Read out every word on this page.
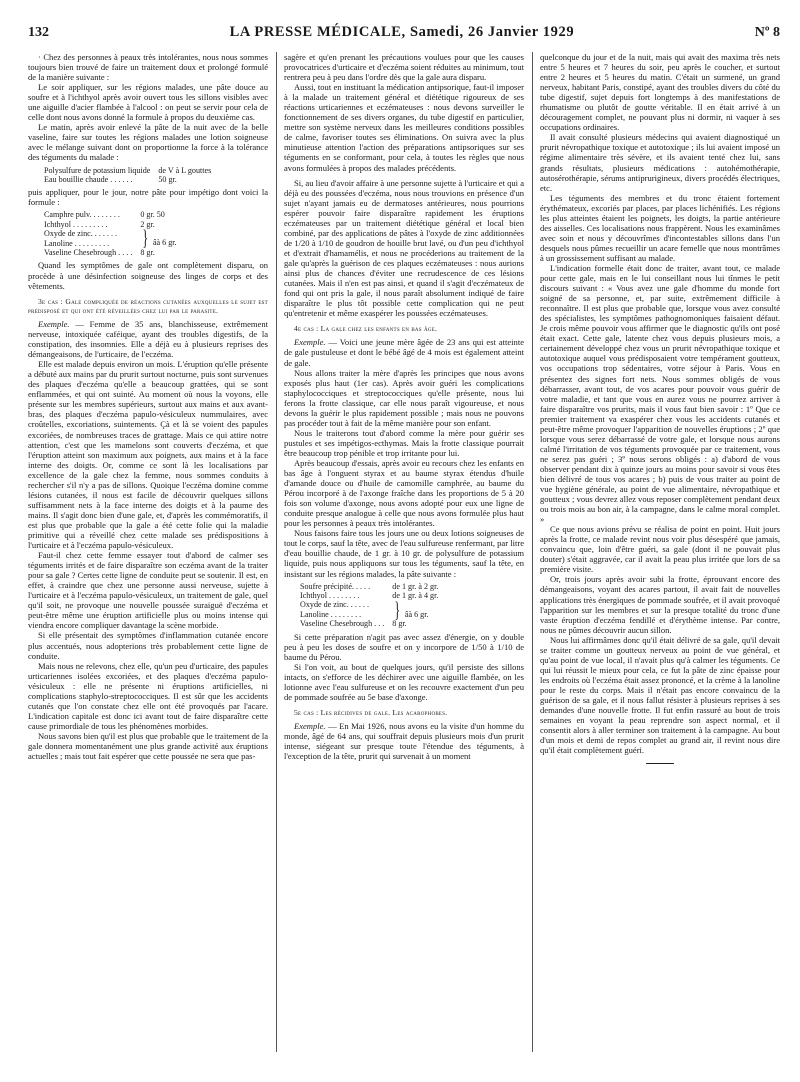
132	LA PRESSE MÉDICALE, Samedi, 26 Janvier 1929	Nº 8

· Chez des personnes à peaux très intolérantes, nous nous sommes toujours bien trouvé de faire un traitement doux et prolongé formulé de la manière suivante :

Le soir appliquer, sur les régions malades, une pâte douce au soufre et à l'ichthyol après avoir ouvert tous les sillons visibles avec une aiguille d'acier flambée à l'alcool : on peut se servir pour cela de celle dont nous avons donné la formule à propos du deuxième cas.

Le matin, après avoir enlevé la pâte de la nuit avec de la belle vaseline, faire sur toutes les régions malades une lotion soigneuse avec le mélange suivant dont on proportionne la force à la tolérance des téguments du malade :

Polysulfure de potassium liquide	de V à L gouttes
Eau bouillie chaude . . . . . .	50 gr.

puis appliquer, pour le jour, notre pâte pour impétigo dont voici la formule :

Camphre pulv. . . . . . . .	0 gr. 50
Ichthyol . . . . . . . . .	2 gr.
Oxyde de zinc. . . . . . .	} âà 6 gr.
Lanoline . . . . . . . . .	
Vaseline Chesebrough . . . .	8 gr.

Quand les symptômes de gale ont complètement disparu, on procède à une désinfection soigneuse des linges de corps et des vêtements.

3e cas : Gale compliquée de réactions cutanées auxquelles le sujet est prédisposé et qui ont été réveillées chez lui par le parasite.

Exemple. — Femme de 35 ans, blanchisseuse, extrêmement nerveuse, intoxiquée caféique, ayant des troubles digestifs, de la constipation, des insomnies. Elle a déjà eu à plusieurs reprises des démangeaisons, de l'urticaire, de l'eczéma.

Elle est malade depuis environ un mois. L'éruption qu'elle présente a débuté aux mains par du prurit surtout nocturne, puis sont survenues des plaques d'eczéma qu'elle a beaucoup grattées, qui se sont enflammées, et qui ont suinté. Au moment où nous la voyons, elle présente sur les membres supérieurs, surtout aux mains et aux avant-bras, des plaques d'eczéma papulo-vésiculeux nummulaires, avec croûtelles, excoriations, suintements. Çà et là se voient des papules excoriées, de nombreuses traces de grattage. Mais ce qui attire notre attention, c'est que les mamelons sont couverts d'eczéma, et que l'éruption atteint son maximum aux poignets, aux mains et à la face interne des doigts. Or, comme ce sont là les localisations par excellence de la gale chez la femme, nous sommes conduits à rechercher s'il n'y a pas de sillons. Quoique l'eczéma domine comme lésions cutanées, il nous est facile de découvrir quelques sillons suffisamment nets à la face interne des doigts et à la paume des mains. Il s'agit donc bien d'une gale, et, d'après les commémoratifs, il est plus que probable que la gale a été cette folie qui la maladie primitive qui a réveillé chez cette malade ses prédispositions à l'urticaire et à l'eczéma papulo-vésiculeux.

Faut-il chez cette femme essayer tout d'abord de calmer ses téguments irrités et de faire disparaître son eczéma avant de la traiter pour sa gale ? Certes cette ligne de conduite peut se soutenir. Il est, en effet, à craindre que chez une personne aussi nerveuse, sujette à l'urticaire et à l'eczéma papulo-vésiculeux, un traitement de gale, quel qu'il soit, ne provoque une nouvelle poussée suraiguë d'eczéma et peut-être même une éruption artificielle plus ou moins intense qui viendra encore compliquer davantage la scène morbide.

Si elle présentait des symptômes d'inflammation cutanée encore plus accentués, nous adopterions très probablement cette ligne de conduite.

Mais nous ne relevons, chez elle, qu'un peu d'urticaire, des papules urticariennes isolées excoriées, et des plaques d'eczéma papulo-vésiculeux : elle ne présente ni éruptions artificielles, ni complications staphylo-streptococciques. Il est sûr que les accidents cutanés que l'on constate chez elle ont été provoqués par l'acare. L'indication capitale est donc ici avant tout de faire disparaître cette cause primordiale de tous les phénomènes morbides.

Nous savons bien qu'il est plus que probable que le traitement de la gale donnera momentanément une plus grande activité aux éruptions actuelles ; mais tout fait espérer que cette poussée ne sera que pas-

sagère et qu'en prenant les précautions voulues pour que les causes provocatrices d'urticaire et d'eczéma soient réduites au minimum, tout rentrera peu à peu dans l'ordre dès que la gale aura disparu.

Aussi, tout en instituant la médication antipsorique, faut-il imposer à la malade un traitement général et diététique rigoureux de ses réactions urticariennes et eczémateuses : nous devons surveiller le fonctionnement de ses divers organes, du tube digestif en particulier, mettre son système nerveux dans les meilleures conditions possibles de calme, favoriser toutes ses éliminations. On suivra avec la plus minutieuse attention l'action des préparations antipsoriques sur ses téguments en se conformant, pour cela, à toutes les règles que nous avons formulées à propos des malades précédents.

Si, au lieu d'avoir affaire à une personne sujette à l'urticaire et qui a déjà eu des poussées d'eczéma, nous nous trouvions en présence d'un sujet n'ayant jamais eu de dermatoses antérieures, nous pourrions espérer pouvoir faire disparaître rapidement les éruptions eczémateuses par un traitement diététique général et local bien combiné, par des applications de pâtes à l'oxyde de zinc additionnées de 1/20 à 1/10 de goudron de houille brut lavé, ou d'un peu d'ichthyol et d'extrait d'hamamélis, et nous ne procéderions au traitement de la gale qu'après la guérison de ces plaques eczémateuses : nous aurions ainsi plus de chances d'éviter une recrudescence de ces lésions cutanées. Mais il n'en est pas ainsi, et quand il s'agit d'eczémateux de fond qui ont pris la gale, il nous paraît absolument indiqué de faire disparaître le plus tôt possible cette complication qui ne peut qu'entretenir et même exaspérer les poussées eczémateuses.

4e cas : La gale chez les enfants en bas âge.

Exemple. — Voici une jeune mère âgée de 23 ans qui est atteinte de gale pustuleuse et dont le bébé âgé de 4 mois est également atteint de gale.

Nous allons traiter la mère d'après les principes que nous avons exposés plus haut (1er cas). Après avoir guéri les complications staphylococciques et streptococciques qu'elle présente, nous lui ferons la frotte classique, car elle nous paraît vigoureuse, et nous devons la guérir le plus rapidement possible ; mais nous ne pouvons pas procéder tout à fait de la même manière pour son enfant.

Nous le traiterons tout d'abord comme la mère pour guérir ses pustules et ses impétigos-ecthymas. Mais la frotte classique pourrait être beaucoup trop pénible et trop irritante pour lui.

Après beaucoup d'essais, après avoir eu recours chez les enfants en bas âge à l'onguent styrax et au baume styrax étendus d'huile d'amande douce ou d'huile de camomille camphrée, au baume du Pérou incorporé à de l'axonge fraîche dans les proportions de 5 à 20 fois son volume d'axonge, nous avons adopté pour eux une ligne de conduite presque analogue à celle que nous avons formulée plus haut pour les personnes à peaux très intolérantes.

Nous faisons faire tous les jours une ou deux lotions soigneuses de tout le corps, sauf la tête, avec de l'eau sulfureuse renfermant, par litre d'eau bouillie chaude, de 1 gr. à 10 gr. de polysulfure de potassium liquide, puis nous appliquons sur tous les téguments, sauf la tête, en insistant sur les régions malades, la pâte suivante :

Soufre précipité. . . . .	de 1 gr. à 2 gr.
Ichthyol . . . . . . . .	de 1 gr. à 4 gr.
Oxyde de zinc. . . . . .	} âà 6 gr.
Lanoline . . . . . . . .	
Vaseline Chesebrough . . .	8 gr.

Si cette préparation n'agit pas avec assez d'énergie, on y double peu à peu les doses de soufre et on y incorpore de 1/50 à 1/10 de baume du Pérou.

Si l'on voit, au bout de quelques jours, qu'il persiste des sillons intacts, on s'efforce de les déchirer avec une aiguille flambée, on les lotionne avec l'eau sulfureuse et on les recouvre exactement d'un peu de pommade soufrée au 5e base d'axonge.

5e cas : Les récidives de gale. Les acarophobes.

Exemple. — En Mai 1926, nous avons eu la visite d'un homme du monde, âgé de 64 ans, qui souffrait depuis plusieurs mois d'un prurit intense, siégeant sur presque toute l'étendue des téguments, à l'exception de la tête, prurit qui survenait à un moment

quelconque du jour et de la nuit, mais qui avait des maxima très nets entre 5 heures et 7 heures du soir, peu après le coucher, et surtout entre 2 heures et 5 heures du matin. C'était un surmené, un grand nerveux, habitant Paris, constipé, ayant des troubles divers du côté du tube digestif, sujet depuis fort longtemps à des manifestations de rhumatisme ou plutôt de goutte véritable. Il en était arrivé à un découragement complet, ne pouvant plus ni dormir, ni vaquer à ses occupations ordinaires.

Il avait consulté plusieurs médecins qui avaient diagnostiqué un prurit névropathique toxique et autotoxique ; ils lui avaient imposé un régime alimentaire très sévère, et ils avaient tenté chez lui, sans grands résultats, plusieurs médications : autohémothérapie, autosérothérapie, sérums antiprurigineux, divers procédés électriques, etc.

Les téguments des membres et du tronc étaient fortement érythémateux, excoriés par places, par places lichénifiés. Les régions les plus atteintes étaient les poignets, les doigts, la partie antérieure des aisselles. Ces localisations nous frappèrent. Nous les examinâmes avec soin et nous y découvrîmes d'incontestables sillons dans l'un desquels nous pûmes recueillir un acare femelle que nous montrâmes à un grossissement suffisant au malade.

L'indication formelle était donc de traiter, avant tout, ce malade pour cette gale, mais en le lui conseillant nous lui tînmes le petit discours suivant : « Vous avez une gale d'homme du monde fort soigné de sa personne, et, par suite, extrêmement difficile à reconnaître. Il est plus que probable que, lorsque vous avez consulté des spécialistes, les symptômes pathognomoniques faisaient défaut. Je crois même pouvoir vous affirmer que le diagnostic qu'ils ont posé était exact. Cette gale, latente chez vous depuis plusieurs mois, a certainement développé chez vous un prurit névropathique toxique et autotoxique auquel vous prédisposaient votre tempérament goutteux, vos occupations trop sédentaires, votre séjour à Paris. Vous en présentez des signes fort nets. Nous sommes obligés de vous débarrasser, avant tout, de vos acares pour pouvoir vous guérir de votre maladie, et tant que vous en aurez vous ne pourrez arriver à faire disparaître vos prurits, mais il vous faut bien savoir : 1º Que ce premier traitement va exaspérer chez vous les accidents cutanés et peut-être même provoquer l'apparition de nouvelles éruptions ; 2º que lorsque vous serez débarrassé de votre gale, et lorsque nous aurons calmé l'irritation de vos téguments provoquée par ce traitement, vous ne serez pas guéri ; 3º nous serons obligés : a) d'abord de vous observer pendant dix à quinze jours au moins pour savoir si vous êtes bien délivré de tous vos acares ; b) puis de vous traiter au point de vue hygiène générale, au point de vue alimentaire, névropathique et goutteux ; vous devrez allez vous reposer complètement pendant deux ou trois mois au bon air, à la campagne, dans le calme moral complet. »

Ce que nous avions prévu se réalisa de point en point. Huit jours après la frotte, ce malade revint nous voir plus désespéré que jamais, convaincu que, loin d'être guéri, sa gale (dont il ne pouvait plus douter) s'était aggravée, car il avait la peau plus irritée que lors de sa première visite.

Or, trois jours après avoir subi la frotte, éprouvant encore des démangeaisons, voyant des acares partout, il avait fait de nouvelles applications très énergiques de pommade soufrée, et il avait provoqué l'apparition sur les membres et sur la presque totalité du tronc d'une vaste éruption d'eczéma fendillé et d'érythème intense. Par contre, nous ne pûmes découvrir aucun sillon.

Nous lui affirmâmes donc qu'il était délivré de sa gale, qu'il devait se traiter comme un goutteux nerveux au point de vue général, et qu'au point de vue local, il n'avait plus qu'à calmer les téguments. Ce qui lui réussit le mieux pour cela, ce fut la pâte de zinc épaisse pour les endroits où l'eczéma était assez prononcé, et la crème à la lanoline pour le reste du corps. Mais il n'était pas encore convaincu de la guérison de sa gale, et il nous fallut résister à plusieurs reprises à ses demandes d'une nouvelle frotte. Il fut enfin rassuré au bout de trois semaines en voyant la peau reprendre son aspect normal, et il consentit alors à aller terminer son traitement à la campagne. Au bout d'un mois et demi de repos complet au grand air, il revint nous dire qu'il était complètement guéri.
